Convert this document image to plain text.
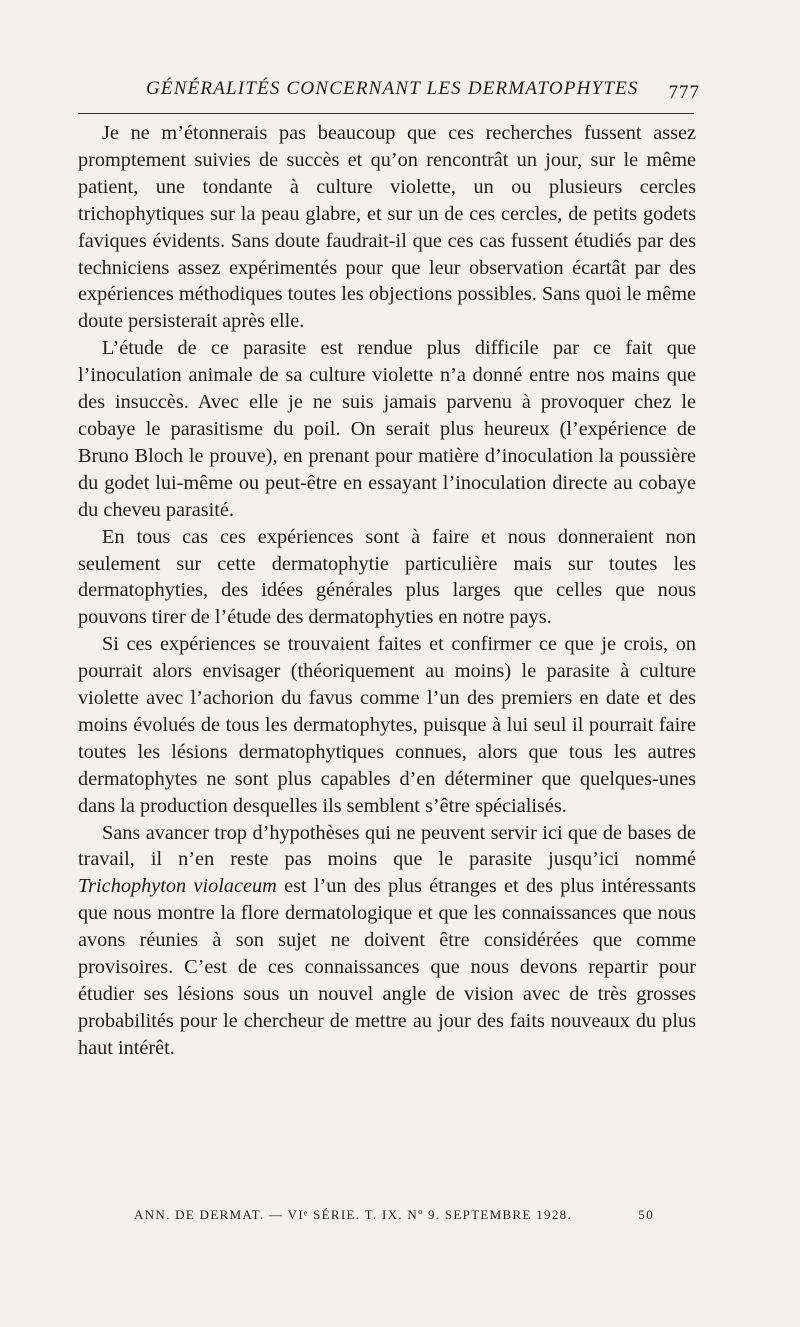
GÉNÉRALITÉS CONCERNANT LES DERMATOPHYTES 777

Je ne m’étonnerais pas beaucoup que ces recherches fussent assez promptement suivies de succès et qu’on rencontrât un jour, sur le même patient, une tondante à culture violette, un ou plusieurs cercles trichophytiques sur la peau glabre, et sur un de ces cercles, de petits godets faviques évidents. Sans doute faudrait-il que ces cas fussent étudiés par des techniciens assez expérimentés pour que leur observation écartât par des expériences méthodiques toutes les objections possibles. Sans quoi le même doute persisterait après elle.

L’étude de ce parasite est rendue plus difficile par ce fait que l’inoculation animale de sa culture violette n’a donné entre nos mains que des insuccès. Avec elle je ne suis jamais parvenu à provoquer chez le cobaye le parasitisme du poil. On serait plus heureux (l’expérience de Bruno Bloch le prouve), en prenant pour matière d’inoculation la poussière du godet lui-même ou peut-être en essayant l’inoculation directe au cobaye du cheveu parasité.

En tous cas ces expériences sont à faire et nous donneraient non seulement sur cette dermatophytie particulière mais sur toutes les dermatophyties, des idées générales plus larges que celles que nous pouvons tirer de l’étude des dermatophyties en notre pays.

Si ces expériences se trouvaient faites et confirmer ce que je crois, on pourrait alors envisager (théoriquement au moins) le parasite à culture violette avec l’achorion du favus comme l’un des premiers en date et des moins évolués de tous les dermatophytes, puisque à lui seul il pourrait faire toutes les lésions dermatophytiques connues, alors que tous les autres dermatophytes ne sont plus capables d’en déterminer que quelques-unes dans la production desquelles ils semblent s’être spécialisés.

Sans avancer trop d’hypothèses qui ne peuvent servir ici que de bases de travail, il n’en reste pas moins que le parasite jusqu’ici nommé Trichophyton violaceum est l’un des plus étranges et des plus intéressants que nous montre la flore dermatologique et que les connaissances que nous avons réunies à son sujet ne doivent être considérées que comme provisoires. C’est de ces connaissances que nous devons repartir pour étudier ses lésions sous un nouvel angle de vision avec de très grosses probabilités pour le chercheur de mettre au jour des faits nouveaux du plus haut intérêt.

ANN. DE DERMAT. — VIᵉ SÉRIE. T. IX. Nº 9. SEPTEMBRE 1928.	50
